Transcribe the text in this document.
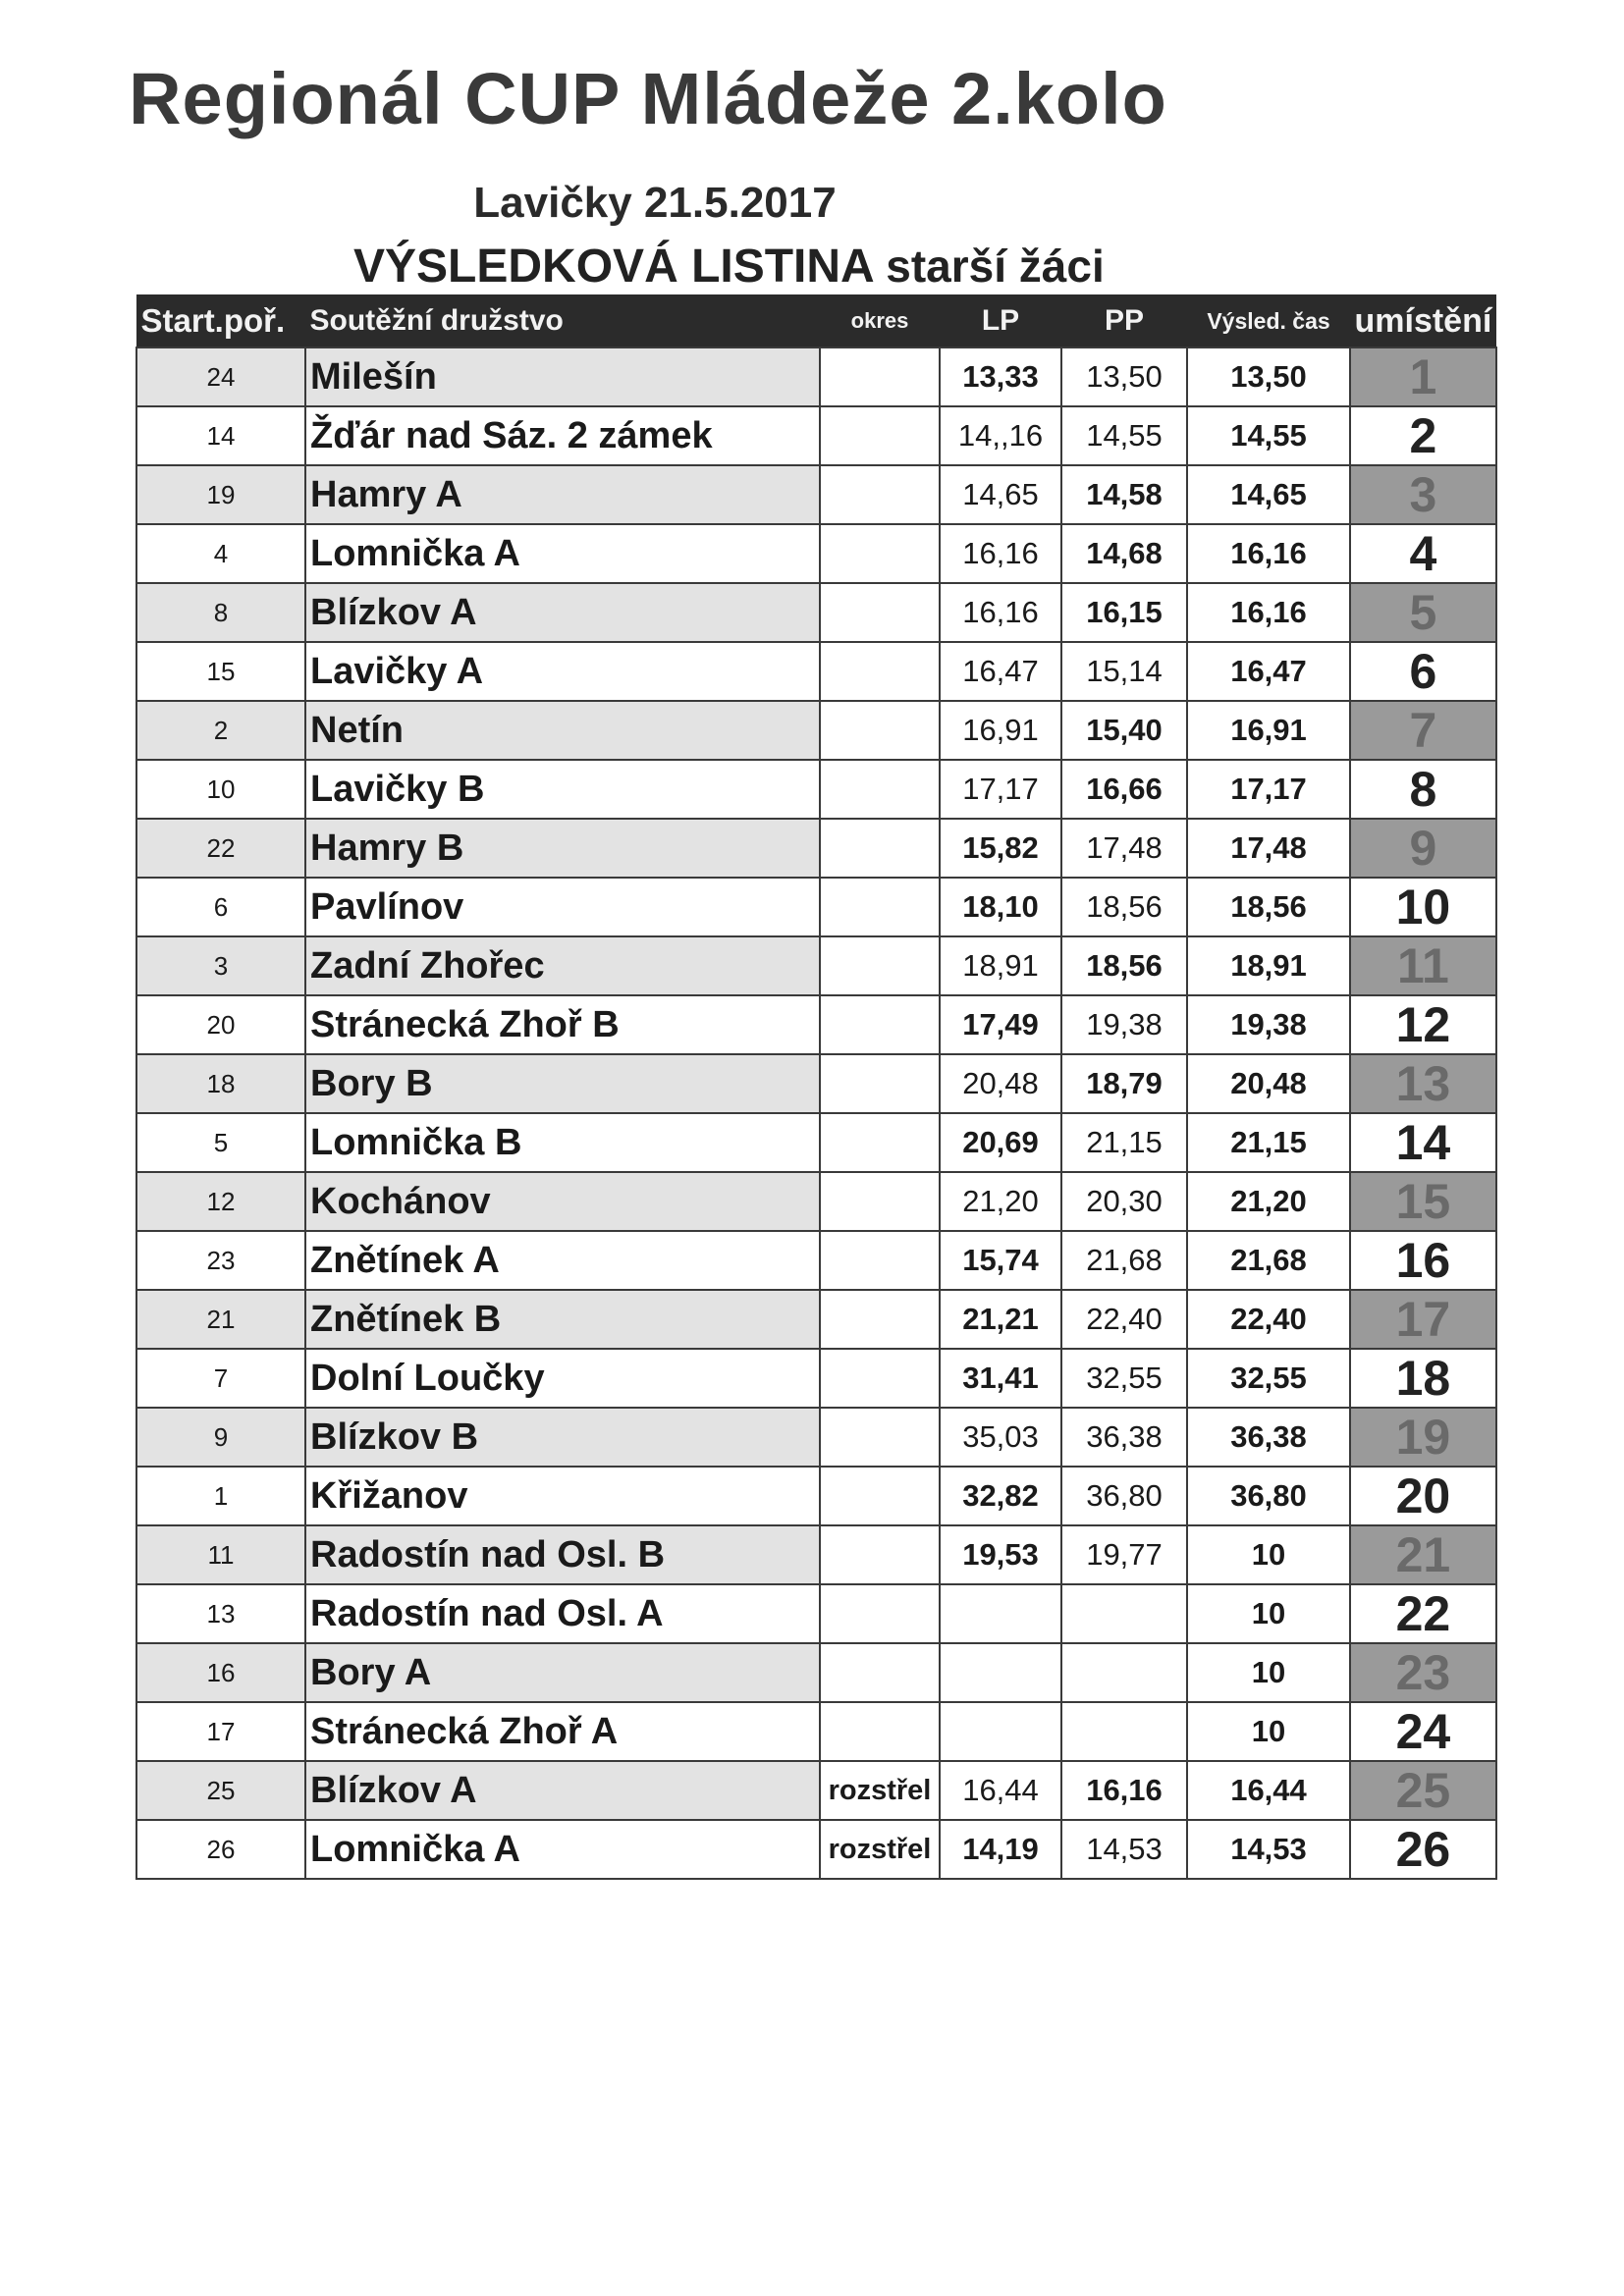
Regionál CUP Mládeže 2.kolo
Lavičky 21.5.2017
VÝSLEDKOVÁ LISTINA starší žáci
Start.poř.	Soutěžní družstvo	okres	LP	PP	Výsled. čas	umístění
24	Milešín		13,33	13,50	13,50	1
14	Žďár nad Sáz. 2 zámek		14,,16	14,55	14,55	2
19	Hamry A		14,65	14,58	14,65	3
4	Lomnička A		16,16	14,68	16,16	4
8	Blízkov A		16,16	16,15	16,16	5
15	Lavičky A		16,47	15,14	16,47	6
2	Netín		16,91	15,40	16,91	7
10	Lavičky B		17,17	16,66	17,17	8
22	Hamry B		15,82	17,48	17,48	9
6	Pavlínov		18,10	18,56	18,56	10
3	Zadní Zhořec		18,91	18,56	18,91	11
20	Stránecká Zhoř B		17,49	19,38	19,38	12
18	Bory B		20,48	18,79	20,48	13
5	Lomnička B		20,69	21,15	21,15	14
12	Kochánov		21,20	20,30	21,20	15
23	Znětínek A		15,74	21,68	21,68	16
21	Znětínek B		21,21	22,40	22,40	17
7	Dolní Loučky		31,41	32,55	32,55	18
9	Blízkov B		35,03	36,38	36,38	19
1	Křižanov		32,82	36,80	36,80	20
11	Radostín nad Osl. B		19,53	19,77	10	21
13	Radostín nad Osl. A				10	22
16	Bory A				10	23
17	Stránecká Zhoř A				10	24
25	Blízkov A	rozstřel	16,44	16,16	16,44	25
26	Lomnička A	rozstřel	14,19	14,53	14,53	26
